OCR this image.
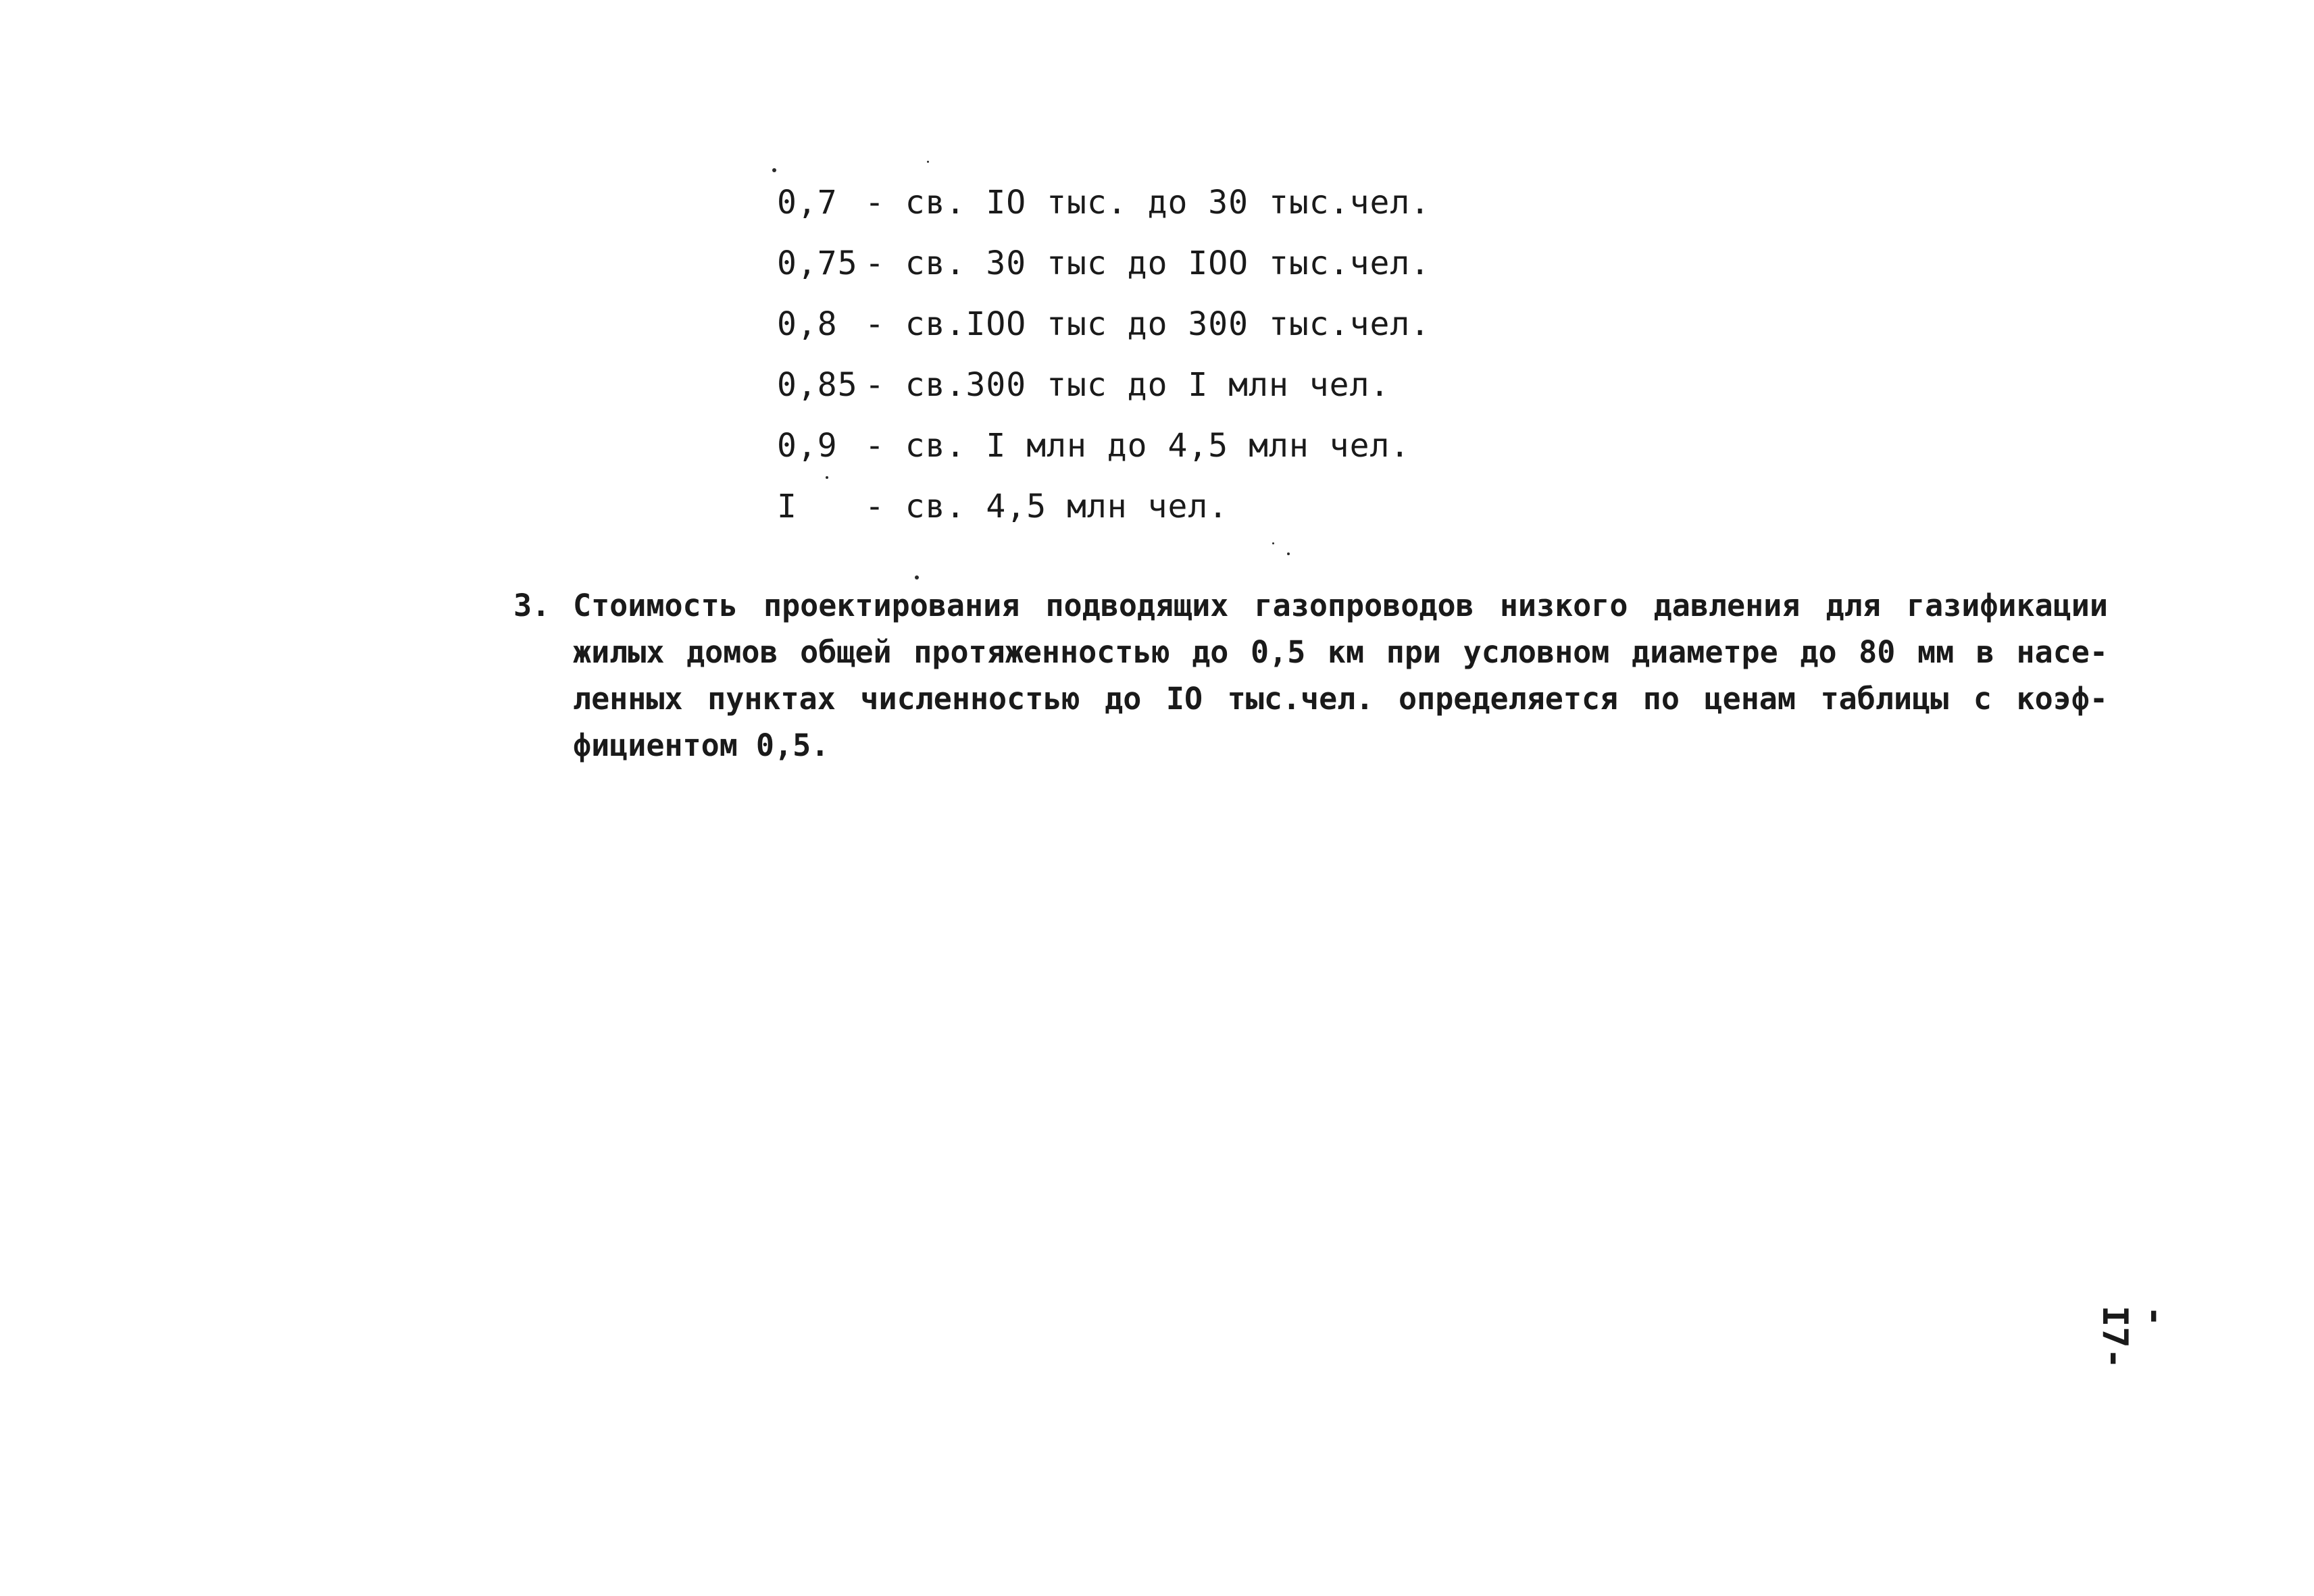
0,7 - св. IO тыс. до 30 тыс.чел.
0,75 - св. 30 тыс до IOO тыс.чел.
0,8 - св.IOO тыс до 300 тыс.чел.
0,85 - св.300 тыс до I млн чел.
0,9 - св. I млн до 4,5 млн чел.
I	- св. 4,5 млн чел.
3. Стоимость проектирования подводящих газопроводов низкого давления для газификации
жилых домов общей протяженностью до 0,5 км при условном диаметре до 80 мм в насе-
ленных пунктах численностью до IO тыс.чел. определяется по ценам таблицы с коэф-
фициентом 0,5.
-I7-
